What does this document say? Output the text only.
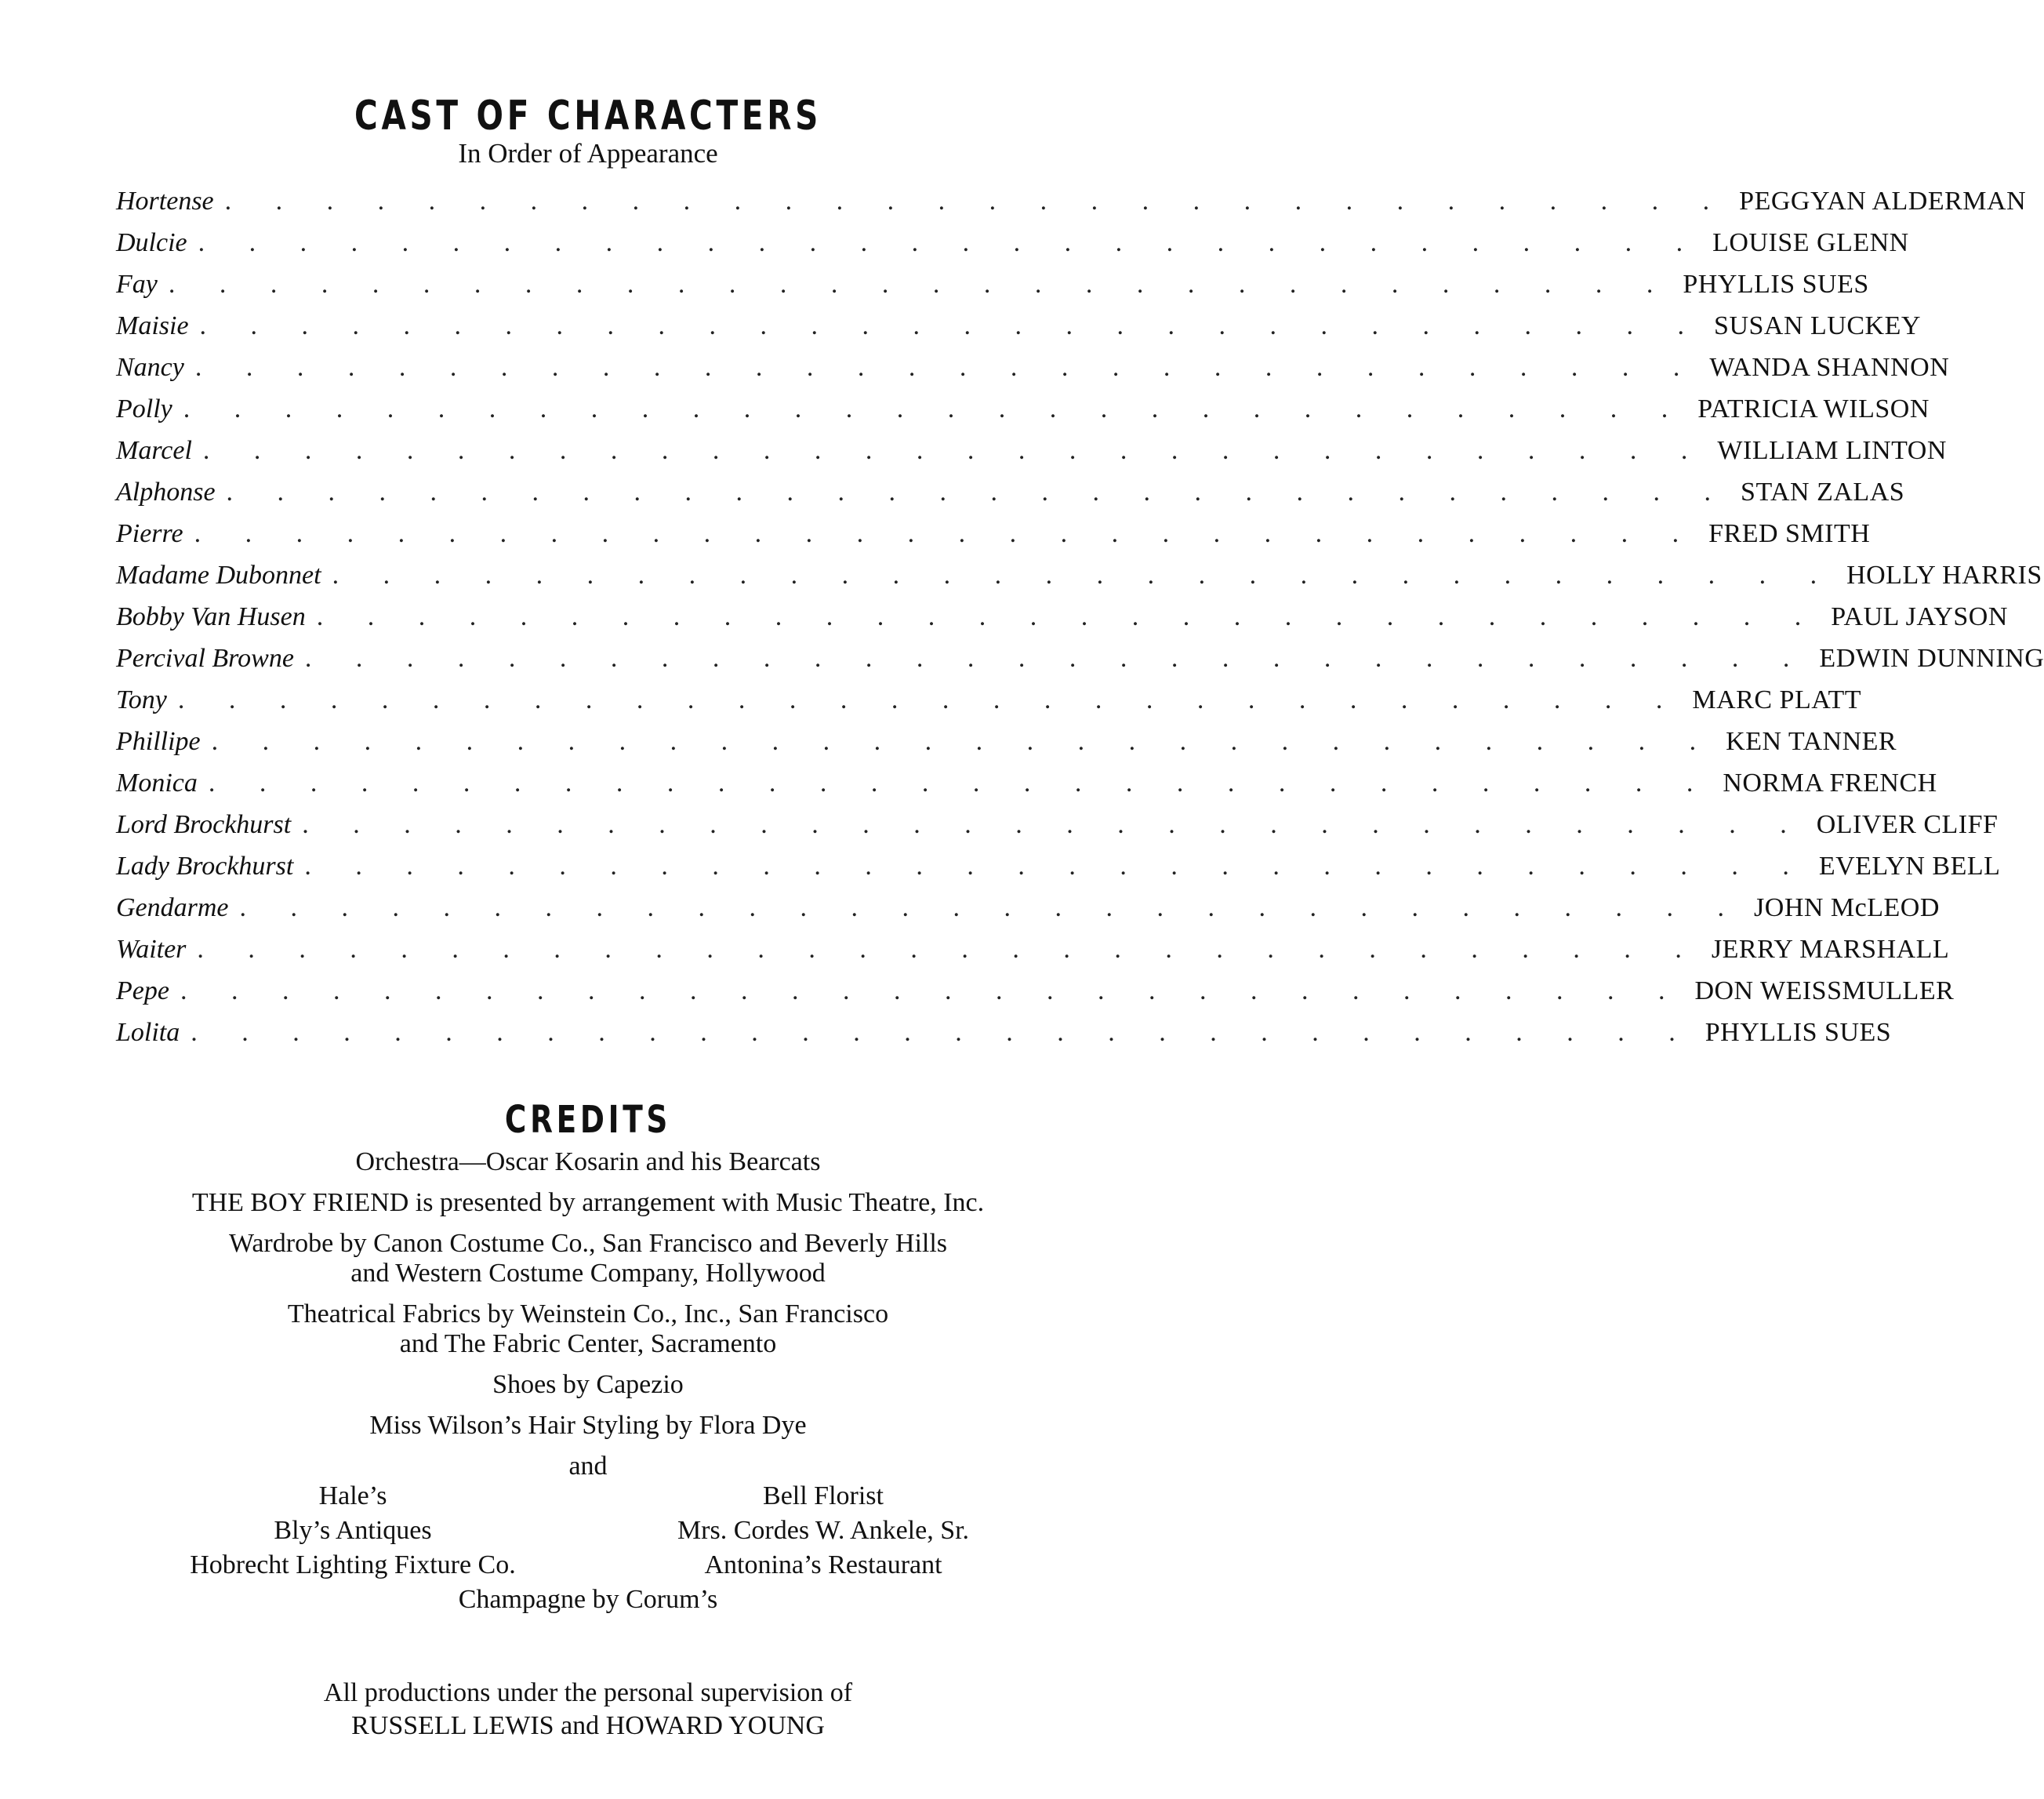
CAST OF CHARACTERS
In Order of Appearance
Hortense . . . . . . . . . . . . . . . . . . . . . . . . . . . . . . PEGGYAN ALDERMAN
Dulcie . . . . . . . . . . . . . . . . . . . . . . . . . . . . . . LOUISE GLENN
Fay . . . . . . . . . . . . . . . . . . . . . . . . . . . . . . PHYLLIS SUES
Maisie . . . . . . . . . . . . . . . . . . . . . . . . . . . . . . SUSAN LUCKEY
Nancy . . . . . . . . . . . . . . . . . . . . . . . . . . . . . . WANDA SHANNON
Polly . . . . . . . . . . . . . . . . . . . . . . . . . . . . . . PATRICIA WILSON
Marcel . . . . . . . . . . . . . . . . . . . . . . . . . . . . . . WILLIAM LINTON
Alphonse . . . . . . . . . . . . . . . . . . . . . . . . . . . . . . STAN ZALAS
Pierre . . . . . . . . . . . . . . . . . . . . . . . . . . . . . . FRED SMITH
Madame Dubonnet . . . . . . . . . . . . . . . . . . . . . . . . . . . . . . HOLLY HARRIS
Bobby Van Husen . . . . . . . . . . . . . . . . . . . . . . . . . . . . . . PAUL JAYSON
Percival Browne . . . . . . . . . . . . . . . . . . . . . . . . . . . . . . EDWIN DUNNING
Tony . . . . . . . . . . . . . . . . . . . . . . . . . . . . . . MARC PLATT
Phillipe . . . . . . . . . . . . . . . . . . . . . . . . . . . . . . KEN TANNER
Monica . . . . . . . . . . . . . . . . . . . . . . . . . . . . . . NORMA FRENCH
Lord Brockhurst . . . . . . . . . . . . . . . . . . . . . . . . . . . . . . OLIVER CLIFF
Lady Brockhurst . . . . . . . . . . . . . . . . . . . . . . . . . . . . . . EVELYN BELL
Gendarme . . . . . . . . . . . . . . . . . . . . . . . . . . . . . . JOHN McLEOD
Waiter . . . . . . . . . . . . . . . . . . . . . . . . . . . . . . JERRY MARSHALL
Pepe . . . . . . . . . . . . . . . . . . . . . . . . . . . . . . DON WEISSMULLER
Lolita . . . . . . . . . . . . . . . . . . . . . . . . . . . . . . PHYLLIS SUES
CREDITS
Orchestra—Oscar Kosarin and his Bearcats
THE BOY FRIEND is presented by arrangement with Music Theatre, Inc.
Wardrobe by Canon Costume Co., San Francisco and Beverly Hills
and Western Costume Company, Hollywood
Theatrical Fabrics by Weinstein Co., Inc., San Francisco
and The Fabric Center, Sacramento
Shoes by Capezio
Miss Wilson’s Hair Styling by Flora Dye
and
Hale’s	Bell Florist
Bly’s Antiques	Mrs. Cordes W. Ankele, Sr.
Hobrecht Lighting Fixture Co.	Antonina’s Restaurant
Champagne by Corum’s
All productions under the personal supervision of
RUSSELL LEWIS and HOWARD YOUNG
